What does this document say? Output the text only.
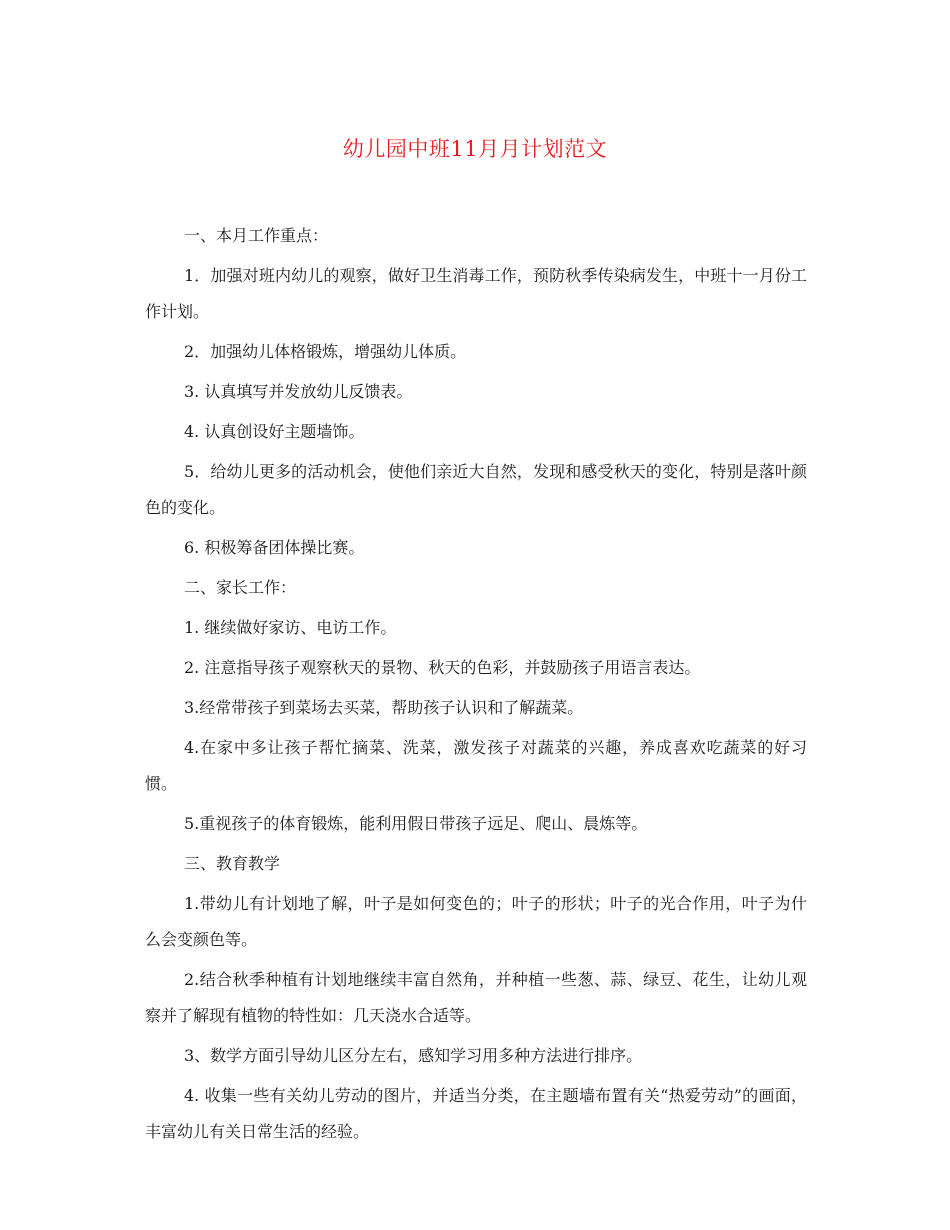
幼儿园中班11月月计划范文

一、本月工作重点：

1．加强对班内幼儿的观察，做好卫生消毒工作，预防秋季传染病发生，中班十一月份工作计划。

2．加强幼儿体格锻炼，增强幼儿体质。

3. 认真填写并发放幼儿反馈表。

4. 认真创设好主题墙饰。

5．给幼儿更多的活动机会，使他们亲近大自然，发现和感受秋天的变化，特别是落叶颜色的变化。

6. 积极筹备团体操比赛。

二、家长工作：

1. 继续做好家访、电访工作。

2. 注意指导孩子观察秋天的景物、秋天的色彩，并鼓励孩子用语言表达。

3.经常带孩子到菜场去买菜，帮助孩子认识和了解蔬菜。

4.在家中多让孩子帮忙摘菜、洗菜，激发孩子对蔬菜的兴趣，养成喜欢吃蔬菜的好习惯。

5.重视孩子的体育锻炼，能利用假日带孩子远足、爬山、晨炼等。

三、教育教学

1.带幼儿有计划地了解，叶子是如何变色的；叶子的形状；叶子的光合作用，叶子为什么会变颜色等。

2.结合秋季种植有计划地继续丰富自然角，并种植一些葱、蒜、绿豆、花生，让幼儿观察并了解现有植物的特性如：几天浇水合适等。

3、数学方面引导幼儿区分左右，感知学习用多种方法进行排序。

4. 收集一些有关幼儿劳动的图片，并适当分类，在主题墙布置有关“热爱劳动”的画面，丰富幼儿有关日常生活的经验。
